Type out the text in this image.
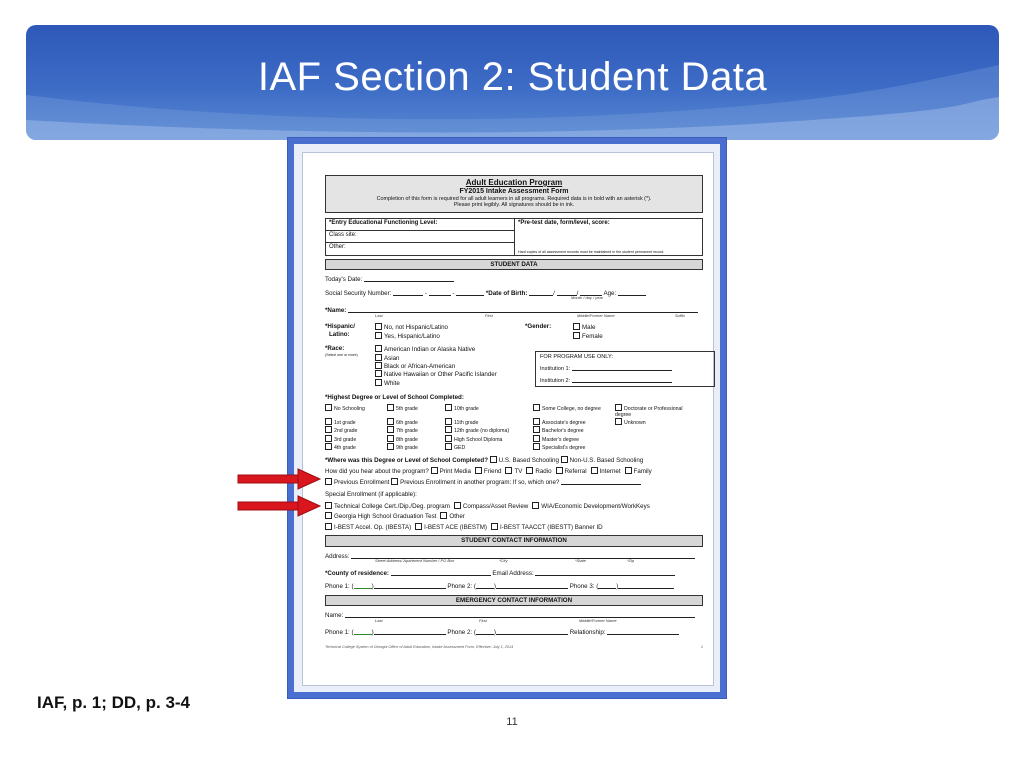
IAF Section 2: Student Data
Adult Education Program
FY2015 Intake Assessment Form
Completion of this form is required for all adult learners in all programs. Required data is in bold with an asterisk (*).
Please print legibly. All signatures should be in ink.
*Entry Educational Functioning Level:
Class site:
Other:
*Pre-test date, form/level, score:
Hard copies of all assessment records must be maintained in the student permanent record.
STUDENT DATA
Today's Date:
Social Security Number:	-	-	*Date of Birth:	/	/	Age:
Month / day / year
*Name:
Last	First	Middle/Former Name	Suffix
*Hispanic/
Latino:
No, not Hispanic/Latino
Yes, Hispanic/Latino
*Gender:	Male
Female
*Race:
(Select one or more)
American Indian or Alaska Native
Asian
Black or African-American
Native Hawaiian or Other Pacific Islander
White
FOR PROGRAM USE ONLY:
Institution 1:
Institution 2:
*Highest Degree or Level of School Completed:
No Schooling	5th grade	10th grade	Some College, no degree	Doctorate or Professional degree
1st grade	6th grade	11th grade	Associate's degree	Unknown
2nd grade	7th grade	12th grade (no diploma)	Bachelor's degree
3rd grade	8th grade	High School Diploma	Master's degree
4th grade	9th grade	GED	Specialist's degree
*Where was this Degree or Level of School Completed? U.S. Based Schooling Non-U.S. Based Schooling
How did you hear about the program? Print Media Friend TV Radio Referral Internet Family
Previous Enrollment Previous Enrollment in another program: If so, which one?
Special Enrollment (if applicable):
Technical College Cert./Dip./Deg. program Compass/Asset Review WIA/Economic Development/WorkKeys
Georgia High School Graduation Test Other
I-BEST Accel. Op. (IBESTA) I-BEST ACE (IBESTM) I-BEST TAACCT (IBESTT) Banner ID
STUDENT CONTACT INFORMATION
Address:
Street Address/ Apartment Number / PO Box	*City	*State	*Zip
*County of residence:	Email Address:
Phone 1: (	)	Phone 2: (	)	Phone 3: (	)
EMERGENCY CONTACT INFORMATION
Name:
Last	First	Middle/Former Name
Phone 1: (	)	Phone 2: (	)	Relationship:
Technical College System of Georgia Office of Adult Education, Intake Assessment Form, Effective: July 1, 2014	1
IAF, p. 1; DD, p. 3-4
11
